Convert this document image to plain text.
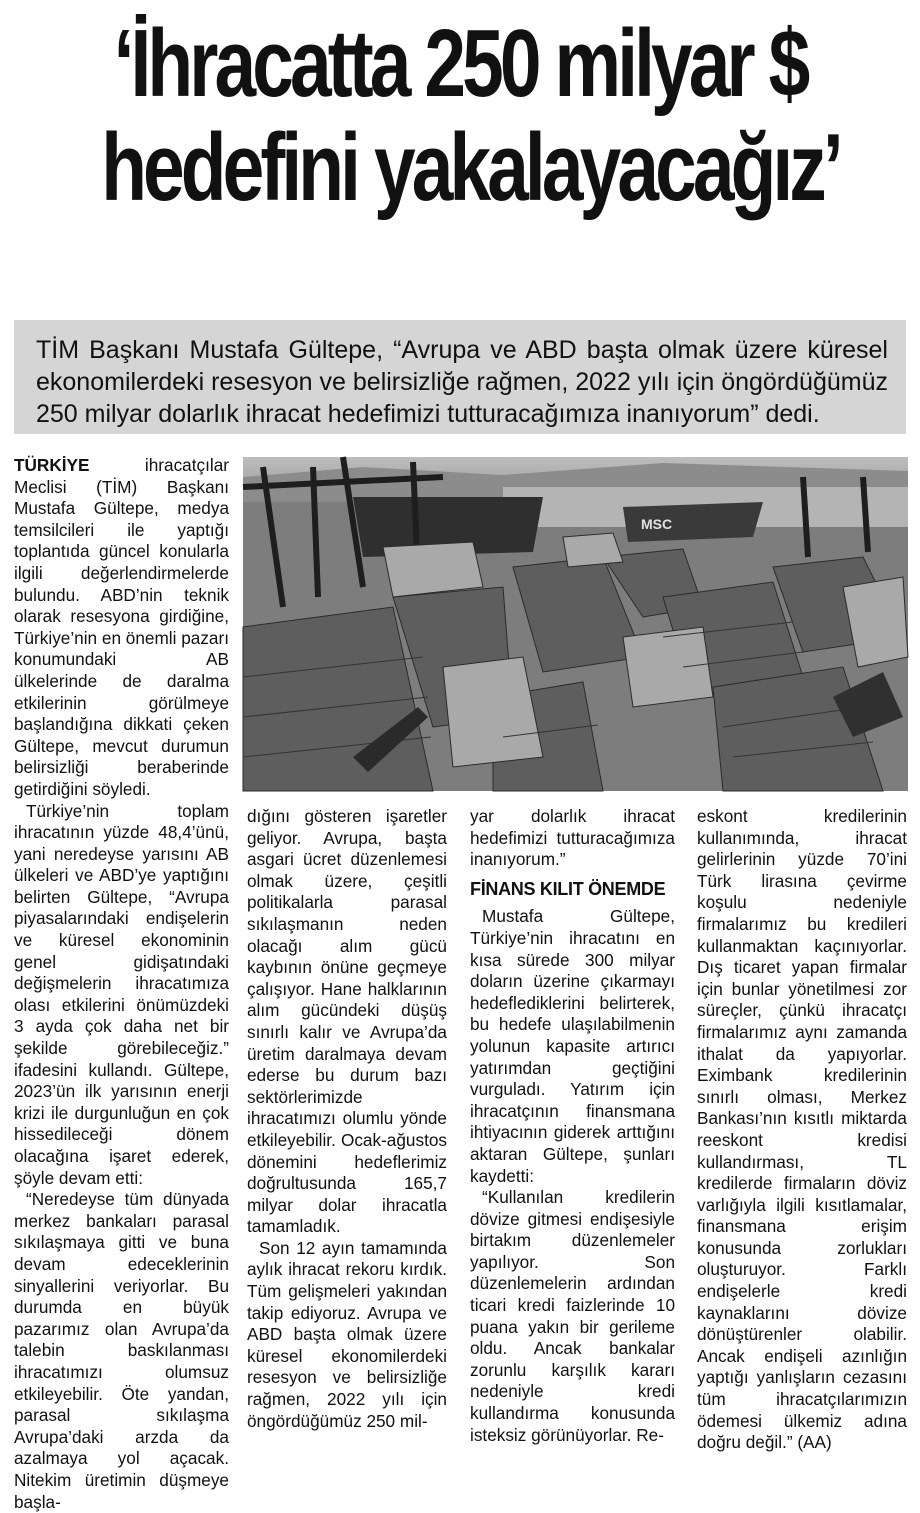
‘İhracatta 250 milyar $
hedefini yakalayacağız’
TİM Başkanı Mustafa Gültepe, “Avrupa ve ABD başta olmak üzere küresel ekonomilerdeki resesyon ve belirsizliğe rağmen, 2022 yılı için öngördüğümüz 250 milyar dolarlık ihracat hedefimizi tutturacağımıza inanıyorum” dedi.
MSC

TÜRKİYE ihracatçılar Meclisi (TİM) Başkanı Mustafa Gültepe, medya temsilcileri ile yaptığı toplantıda güncel konularla ilgili değerlendirmelerde bulundu. ABD’nin teknik olarak resesyona girdiğine, Türkiye’nin en önemli pazarı konumundaki AB ülkelerinde de daralma etkilerinin görülmeye başlandığına dikkati çeken Gültepe, mevcut durumun belirsizliği beraberinde getirdiğini söyledi.

Türkiye’nin toplam ihracatının yüzde 48,4’ünü, yani neredeyse yarısını AB ülkeleri ve ABD’ye yaptığını belirten Gültepe, “Avrupa piyasalarındaki endişelerin ve küresel ekonominin genel gidişatındaki değişmelerin ihracatımıza olası etkilerini önümüzdeki 3 ayda çok daha net bir şekilde görebileceğiz.” ifadesini kullandı. Gültepe, 2023’ün ilk yarısının enerji krizi ile durgunluğun en çok hissedileceği dönem olacağına işaret ederek, şöyle devam etti:

“Neredeyse tüm dünyada merkez bankaları parasal sıkılaşmaya gitti ve buna devam edeceklerinin sinyallerini veriyorlar. Bu durumda en büyük pazarımız olan Avrupa’da talebin baskılanması ihracatımızı olumsuz etkileyebilir. Öte yandan, parasal sıkılaşma Avrupa’daki arzda da azalmaya yol açacak. Nitekim üretimin düşmeye başla-

dığını gösteren işaretler geliyor. Avrupa, başta asgari ücret düzenlemesi olmak üzere, çeşitli politikalarla parasal sıkılaşmanın neden olacağı alım gücü kaybının önüne geçmeye çalışıyor. Hane halklarının alım gücündeki düşüş sınırlı kalır ve Avrupa’da üretim daralmaya devam ederse bu durum bazı sektörlerimizde ihracatımızı olumlu yönde etkileyebilir. Ocak-ağustos dönemini hedeflerimiz doğrultusunda 165,7 milyar dolar ihracatla tamamladık.

Son 12 ayın tamamında aylık ihracat rekoru kırdık. Tüm gelişmeleri yakından takip ediyoruz. Avrupa ve ABD başta olmak üzere küresel ekonomilerdeki resesyon ve belirsizliğe rağmen, 2022 yılı için öngördüğümüz 250 mil-

yar dolarlık ihracat hedefimizi tutturacağımıza inanıyorum.”

FİNANS KILIT ÖNEMDE

Mustafa Gültepe, Türkiye’nin ihracatını en kısa sürede 300 milyar doların üzerine çıkarmayı hedeflediklerini belirterek, bu hedefe ulaşılabilmenin yolunun kapasite artırıcı yatırımdan geçtiğini vurguladı. Yatırım için ihracatçının finansmana ihtiyacının giderek arttığını aktaran Gültepe, şunları kaydetti:

“Kullanılan kredilerin dövize gitmesi endişesiyle birtakım düzenlemeler yapılıyor. Son düzenlemelerin ardından ticari kredi faizlerinde 10 puana yakın bir gerileme oldu. Ancak bankalar zorunlu karşılık kararı nedeniyle kredi kullandırma konusunda isteksiz görünüyorlar. Re-

eskont kredilerinin kullanımında, ihracat gelirlerinin yüzde 70’ini Türk lirasına çevirme koşulu nedeniyle firmalarımız bu kredileri kullanmaktan kaçınıyorlar. Dış ticaret yapan firmalar için bunlar yönetilmesi zor süreçler, çünkü ihracatçı firmalarımız aynı zamanda ithalat da yapıyorlar. Eximbank kredilerinin sınırlı olması, Merkez Bankası’nın kısıtlı miktarda reeskont kredisi kullandırması, TL kredilerde firmaların döviz varlığıyla ilgili kısıtlamalar, finansmana erişim konusunda zorlukları oluşturuyor. Farklı endişelerle kredi kaynaklarını dövize dönüştürenler olabilir. Ancak endişeli azınlığın yaptığı yanlışların cezasını tüm ihracatçılarımızın ödemesi ülkemiz adına doğru değil.” (AA)
